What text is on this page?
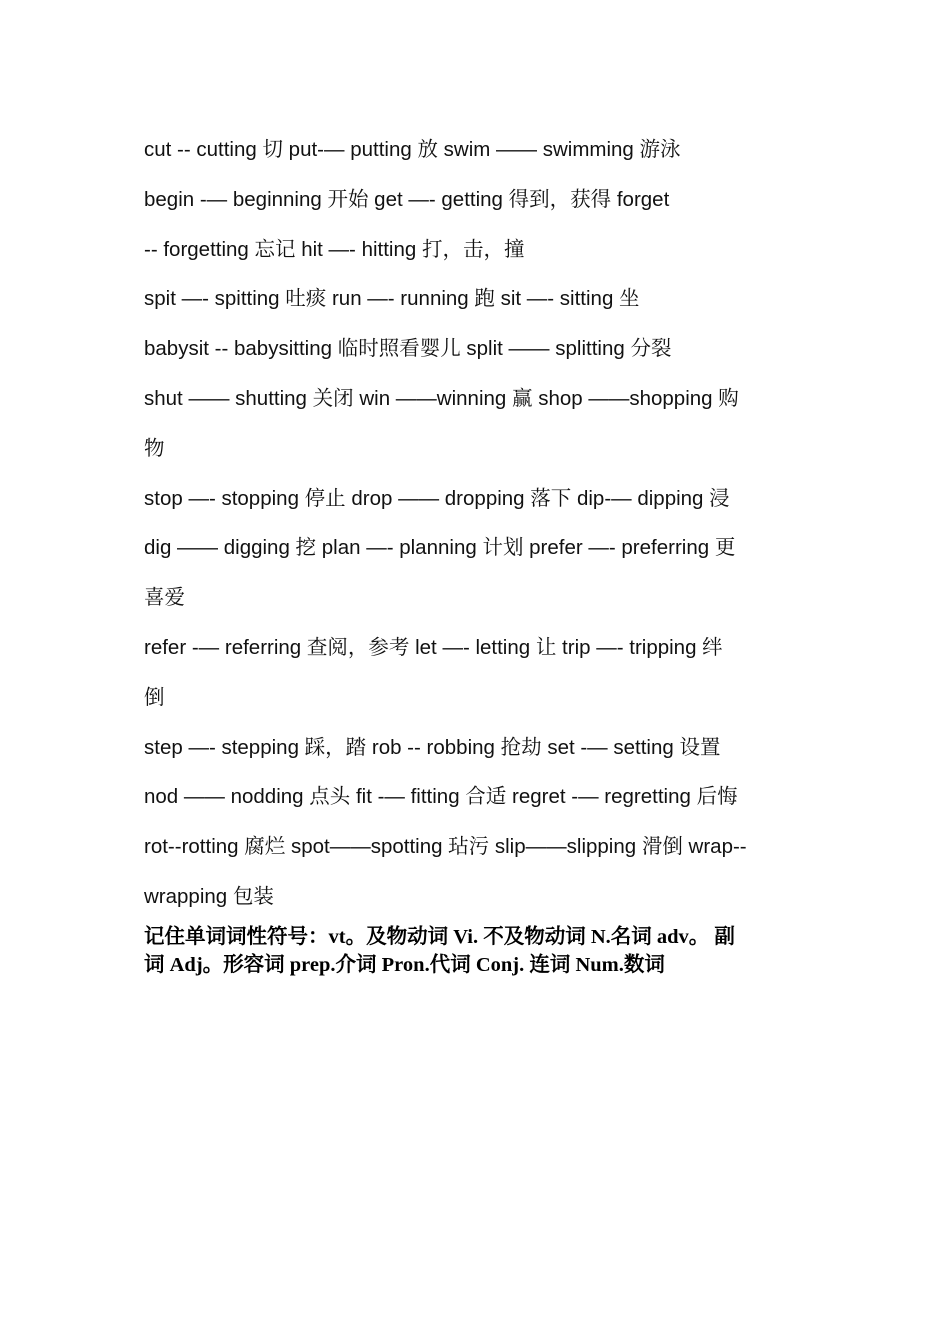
cut -- cutting 切 put-— putting 放 swim —— swimming 游泳
begin -— beginning 开始 get —- getting 得到，获得 forget
-- forgetting 忘记 hit —- hitting 打，击，撞
spit —- spitting 吐痰 run —- running 跑 sit —- sitting 坐
babysit -- babysitting 临时照看婴儿 split —— splitting 分裂
shut —— shutting 关闭 win ——winning 赢 shop ——shopping 购
物
stop —- stopping 停止 drop —— dropping 落下 dip-— dipping 浸
dig —— digging 挖 plan —- planning 计划 prefer —- preferring 更
喜爱
refer -— referring 查阅，参考 let —- letting 让 trip —- tripping 绊
倒
step —- stepping 踩，踏 rob -- robbing 抢劫 set -— setting 设置
nod —— nodding 点头 fit -— fitting 合适 regret -— regretting 后悔
rot--rotting 腐烂 spot——spotting 玷污 slip——slipping 滑倒 wrap--
wrapping 包装
记住单词词性符号：vt。及物动词 Vi. 不及物动词 N.名词 adv。 副
词 Adj。形容词 prep.介词 Pron.代词 Conj. 连词 Num.数词
